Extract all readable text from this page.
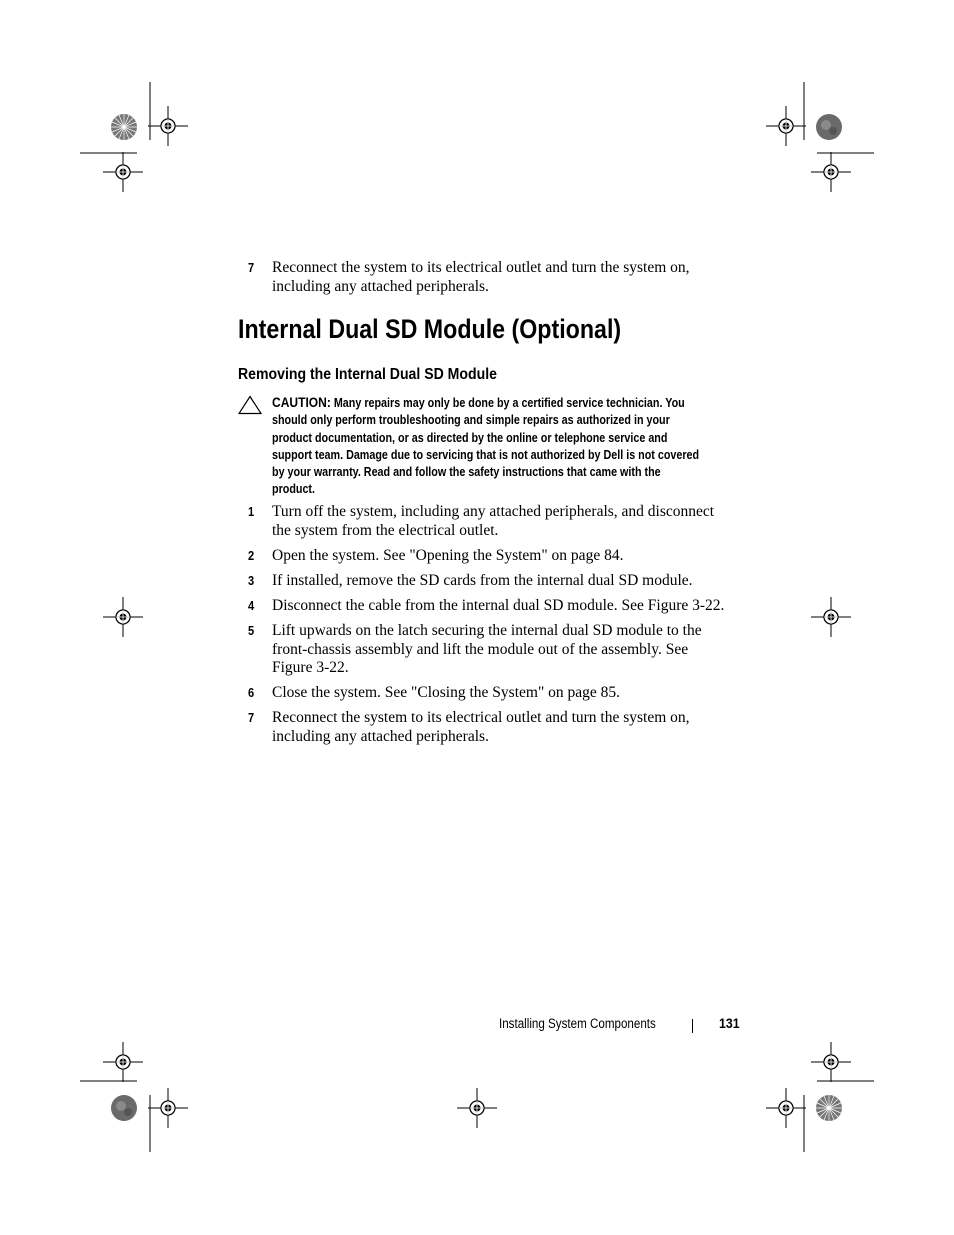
7 Reconnect the system to its electrical outlet and turn the system on,
including any attached peripherals.
Internal Dual SD Module (Optional)
Removing the Internal Dual SD Module
CAUTION: Many repairs may only be done by a certified service technician. You
should only perform troubleshooting and simple repairs as authorized in your
product documentation, or as directed by the online or telephone service and
support team. Damage due to servicing that is not authorized by Dell is not covered
by your warranty. Read and follow the safety instructions that came with the
product.
1 Turn off the system, including any attached peripherals, and disconnect
the system from the electrical outlet.
2 Open the system. See "Opening the System" on page 84.
3 If installed, remove the SD cards from the internal dual SD module.
4 Disconnect the cable from the internal dual SD module. See Figure 3-22.
5 Lift upwards on the latch securing the internal dual SD module to the
front-chassis assembly and lift the module out of the assembly. See
Figure 3-22.
6 Close the system. See "Closing the System" on page 85.
7 Reconnect the system to its electrical outlet and turn the system on,
including any attached peripherals.
Installing System Components	131
